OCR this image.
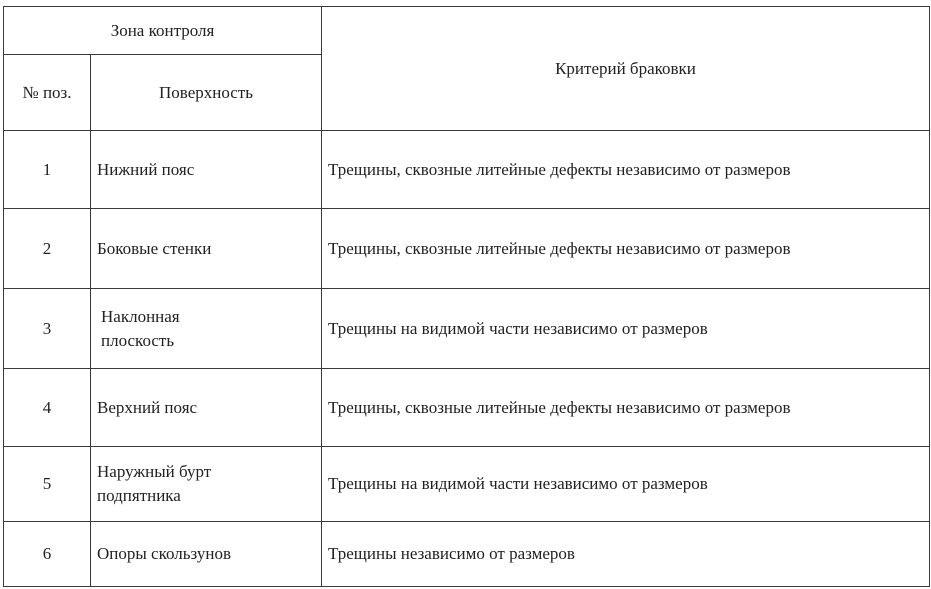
Зона контроля		Критерий браковки
№ поз.	Поверхность	
1	Нижний пояс	Трещины, сквозные литейные дефекты независимо от размеров
2	Боковые стенки	Трещины, сквозные литейные дефекты независимо от размеров
3	Наклонная плоскость	Трещины на видимой части независимо от размеров
4	Верхний пояс	Трещины, сквозные литейные дефекты независимо от размеров
5	Наружный бурт подпятника	Трещины на видимой части независимо от размеров
6	Опоры скользунов	Трещины независимо от размеров
